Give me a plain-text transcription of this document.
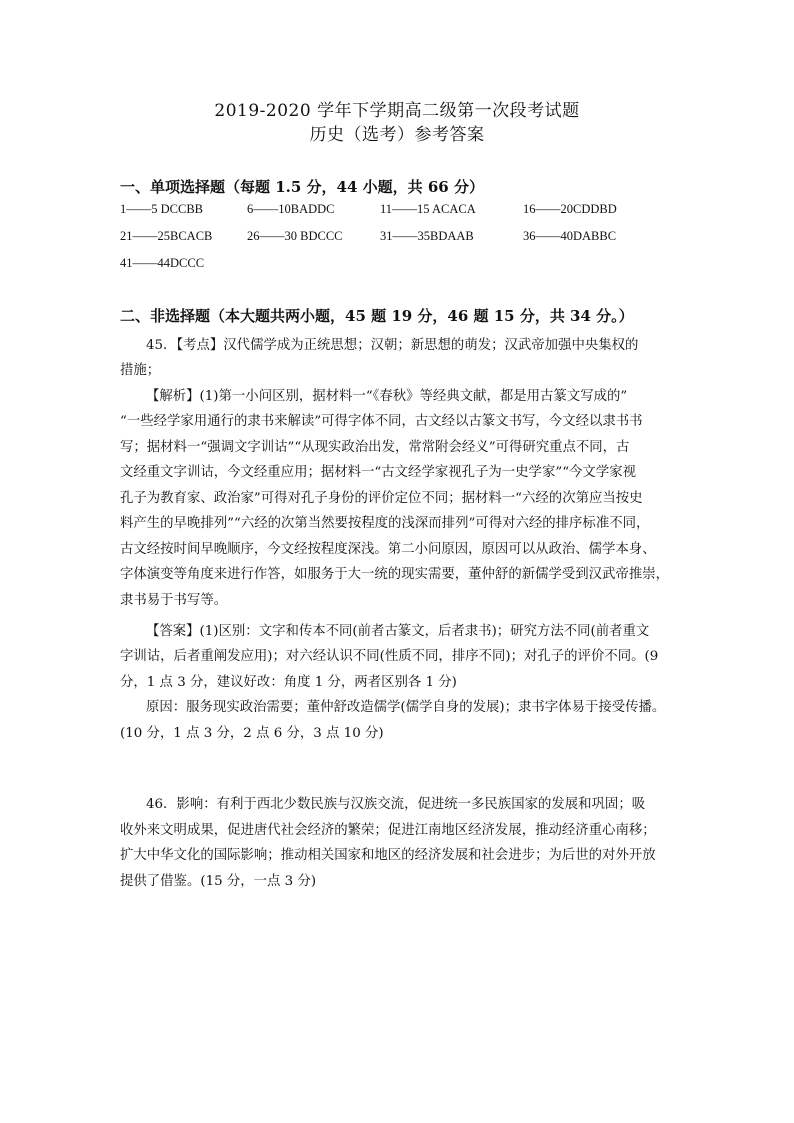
2019-2020 学年下学期高二级第一次段考试题
历史（选考）参考答案
一、单项选择题（每题 1.5 分，44 小题，共 66 分）
1——5 DCCBB	6——10BADDC	11——15 ACACA	16——20CDDBD
21——25BCACB	26——30 BDCCC	31——35BDAAB	36——40DABBC
41——44DCCC
二、非选择题（本大题共两小题，45 题 19 分，46 题 15 分，共 34 分。）
45．【考点】汉代儒学成为正统思想；汉朝；新思想的萌发；汉武帝加强中央集权的
措施；
【解析】(1)第一小问区别，据材料一“《春秋》等经典文献，都是用古篆文写成的”
“一些经学家用通行的隶书来解读”可得字体不同，古文经以古篆文书写，今文经以隶书书
写；据材料一“强调文字训诂”“从现实政治出发，常常附会经义”可得研究重点不同，古
文经重文字训诂，今文经重应用；据材料一“古文经学家视孔子为一史学家”“今文学家视
孔子为教育家、政治家”可得对孔子身份的评价定位不同；据材料一“六经的次第应当按史
料产生的早晚排列”“六经的次第当然要按程度的浅深而排列”可得对六经的排序标准不同，
古文经按时间早晚顺序，今文经按程度深浅。第二小问原因，原因可以从政治、儒学本身、
字体演变等角度来进行作答，如服务于大一统的现实需要，董仲舒的新儒学受到汉武帝推崇，
隶书易于书写等。
【答案】(1)区别：文字和传本不同(前者古篆文，后者隶书)；研究方法不同(前者重文
字训诂，后者重阐发应用)；对六经认识不同(性质不同，排序不同)；对孔子的评价不同。(9
分，1 点 3 分，建议好改：角度 1 分，两者区别各 1 分)
原因：服务现实政治需要；董仲舒改造儒学(儒学自身的发展)；隶书字体易于接受传播。
(10 分，1 点 3 分，2 点 6 分，3 点 10 分)
46．影响：有利于西北少数民族与汉族交流，促进统一多民族国家的发展和巩固；吸
收外来文明成果，促进唐代社会经济的繁荣；促进江南地区经济发展，推动经济重心南移；
扩大中华文化的国际影响；推动相关国家和地区的经济发展和社会进步；为后世的对外开放
提供了借鉴。(15 分，一点 3 分)
